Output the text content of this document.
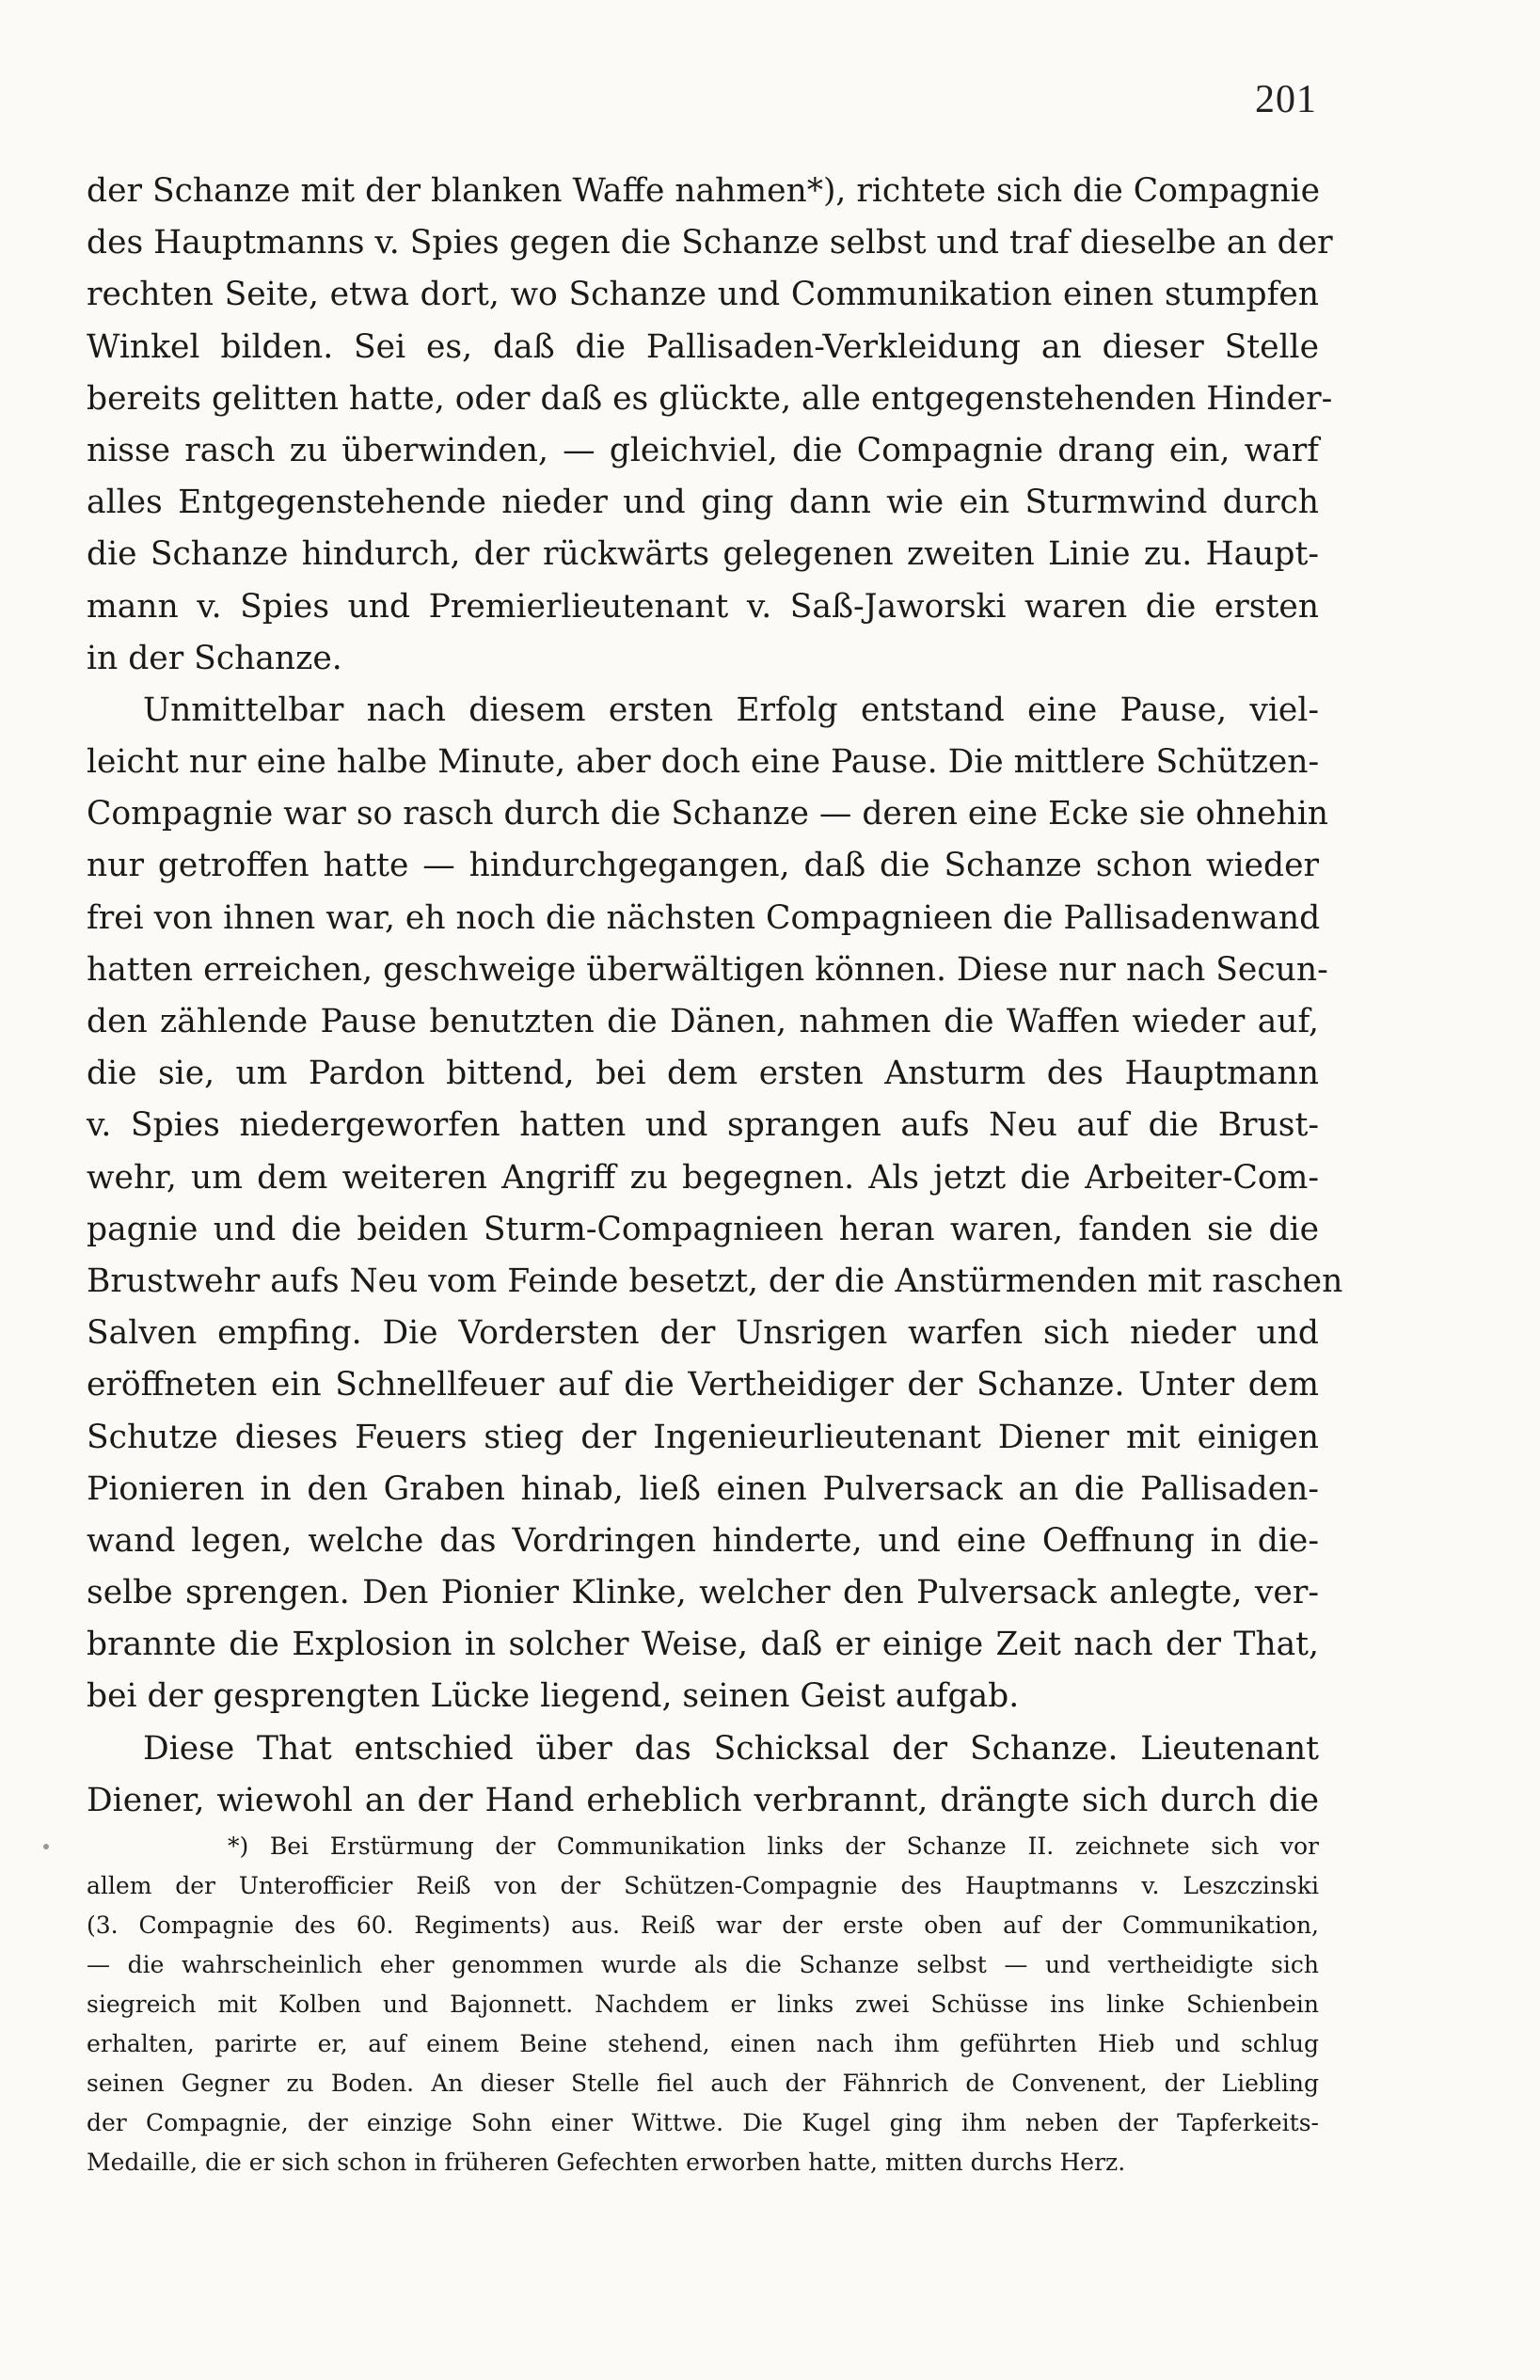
201
der Schanze mit der blanken Waffe nahmen*), richtete sich die Compagnie
des Hauptmanns v. Spies gegen die Schanze selbst und traf dieselbe an der
rechten Seite, etwa dort, wo Schanze und Communikation einen stumpfen
Winkel bilden. Sei es, daß die Pallisaden-Verkleidung an dieser Stelle
bereits gelitten hatte, oder daß es glückte, alle entgegenstehenden Hinder-
nisse rasch zu überwinden, — gleichviel, die Compagnie drang ein, warf
alles Entgegenstehende nieder und ging dann wie ein Sturmwind durch
die Schanze hindurch, der rückwärts gelegenen zweiten Linie zu. Haupt-
mann v. Spies und Premierlieutenant v. Saß-Jaworski waren die ersten
in der Schanze.
Unmittelbar nach diesem ersten Erfolg entstand eine Pause, viel-
leicht nur eine halbe Minute, aber doch eine Pause. Die mittlere Schützen-
Compagnie war so rasch durch die Schanze — deren eine Ecke sie ohnehin
nur getroffen hatte — hindurchgegangen, daß die Schanze schon wieder
frei von ihnen war, eh noch die nächsten Compagnieen die Pallisadenwand
hatten erreichen, geschweige überwältigen können. Diese nur nach Secun-
den zählende Pause benutzten die Dänen, nahmen die Waffen wieder auf,
die sie, um Pardon bittend, bei dem ersten Ansturm des Hauptmann
v. Spies niedergeworfen hatten und sprangen aufs Neu auf die Brust-
wehr, um dem weiteren Angriff zu begegnen. Als jetzt die Arbeiter-Com-
pagnie und die beiden Sturm-Compagnieen heran waren, fanden sie die
Brustwehr aufs Neu vom Feinde besetzt, der die Anstürmenden mit raschen
Salven empfing. Die Vordersten der Unsrigen warfen sich nieder und
eröffneten ein Schnellfeuer auf die Vertheidiger der Schanze. Unter dem
Schutze dieses Feuers stieg der Ingenieurlieutenant Diener mit einigen
Pionieren in den Graben hinab, ließ einen Pulversack an die Pallisaden-
wand legen, welche das Vordringen hinderte, und eine Oeffnung in die-
selbe sprengen. Den Pionier Klinke, welcher den Pulversack anlegte, ver-
brannte die Explosion in solcher Weise, daß er einige Zeit nach der That,
bei der gesprengten Lücke liegend, seinen Geist aufgab.
Diese That entschied über das Schicksal der Schanze. Lieutenant
Diener, wiewohl an der Hand erheblich verbrannt, drängte sich durch die
*) Bei Erstürmung der Communikation links der Schanze II. zeichnete sich vor
allem der Unterofficier Reiß von der Schützen-Compagnie des Hauptmanns v. Leszczinski
(3. Compagnie des 60. Regiments) aus. Reiß war der erste oben auf der Communikation,
— die wahrscheinlich eher genommen wurde als die Schanze selbst — und vertheidigte sich
siegreich mit Kolben und Bajonnett. Nachdem er links zwei Schüsse ins linke Schienbein
erhalten, parirte er, auf einem Beine stehend, einen nach ihm geführten Hieb und schlug
seinen Gegner zu Boden. An dieser Stelle fiel auch der Fähnrich de Convenent, der Liebling
der Compagnie, der einzige Sohn einer Wittwe. Die Kugel ging ihm neben der Tapferkeits-
Medaille, die er sich schon in früheren Gefechten erworben hatte, mitten durchs Herz.
